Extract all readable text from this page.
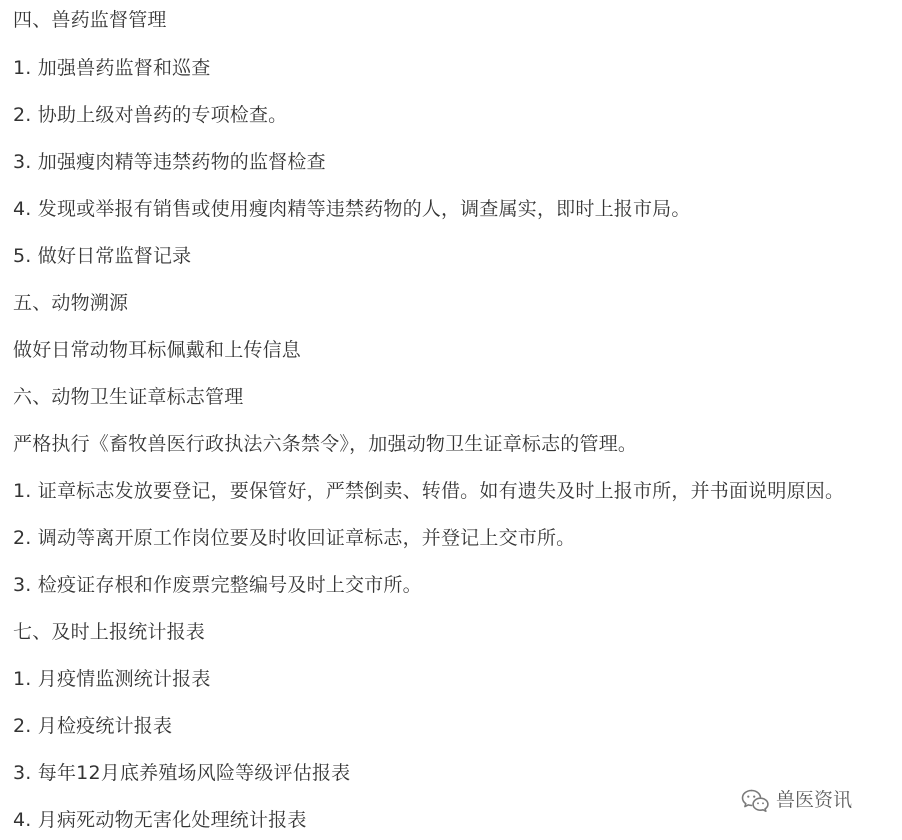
四、兽药监督管理
1. 加强兽药监督和巡查
2. 协助上级对兽药的专项检查。
3. 加强瘦肉精等违禁药物的监督检查
4. 发现或举报有销售或使用瘦肉精等违禁药物的人，调查属实，即时上报市局。
5. 做好日常监督记录
五、动物溯源
做好日常动物耳标佩戴和上传信息
六、动物卫生证章标志管理
严格执行《畜牧兽医行政执法六条禁令》，加强动物卫生证章标志的管理。
1. 证章标志发放要登记，要保管好，严禁倒卖、转借。如有遗失及时上报市所，并书面说明原因。
2. 调动等离开原工作岗位要及时收回证章标志，并登记上交市所。
3. 检疫证存根和作废票完整编号及时上交市所。
七、及时上报统计报表
1. 月疫情监测统计报表
2. 月检疫统计报表
3. 每年12月底养殖场风险等级评估报表
4. 月病死动物无害化处理统计报表
兽医资讯
